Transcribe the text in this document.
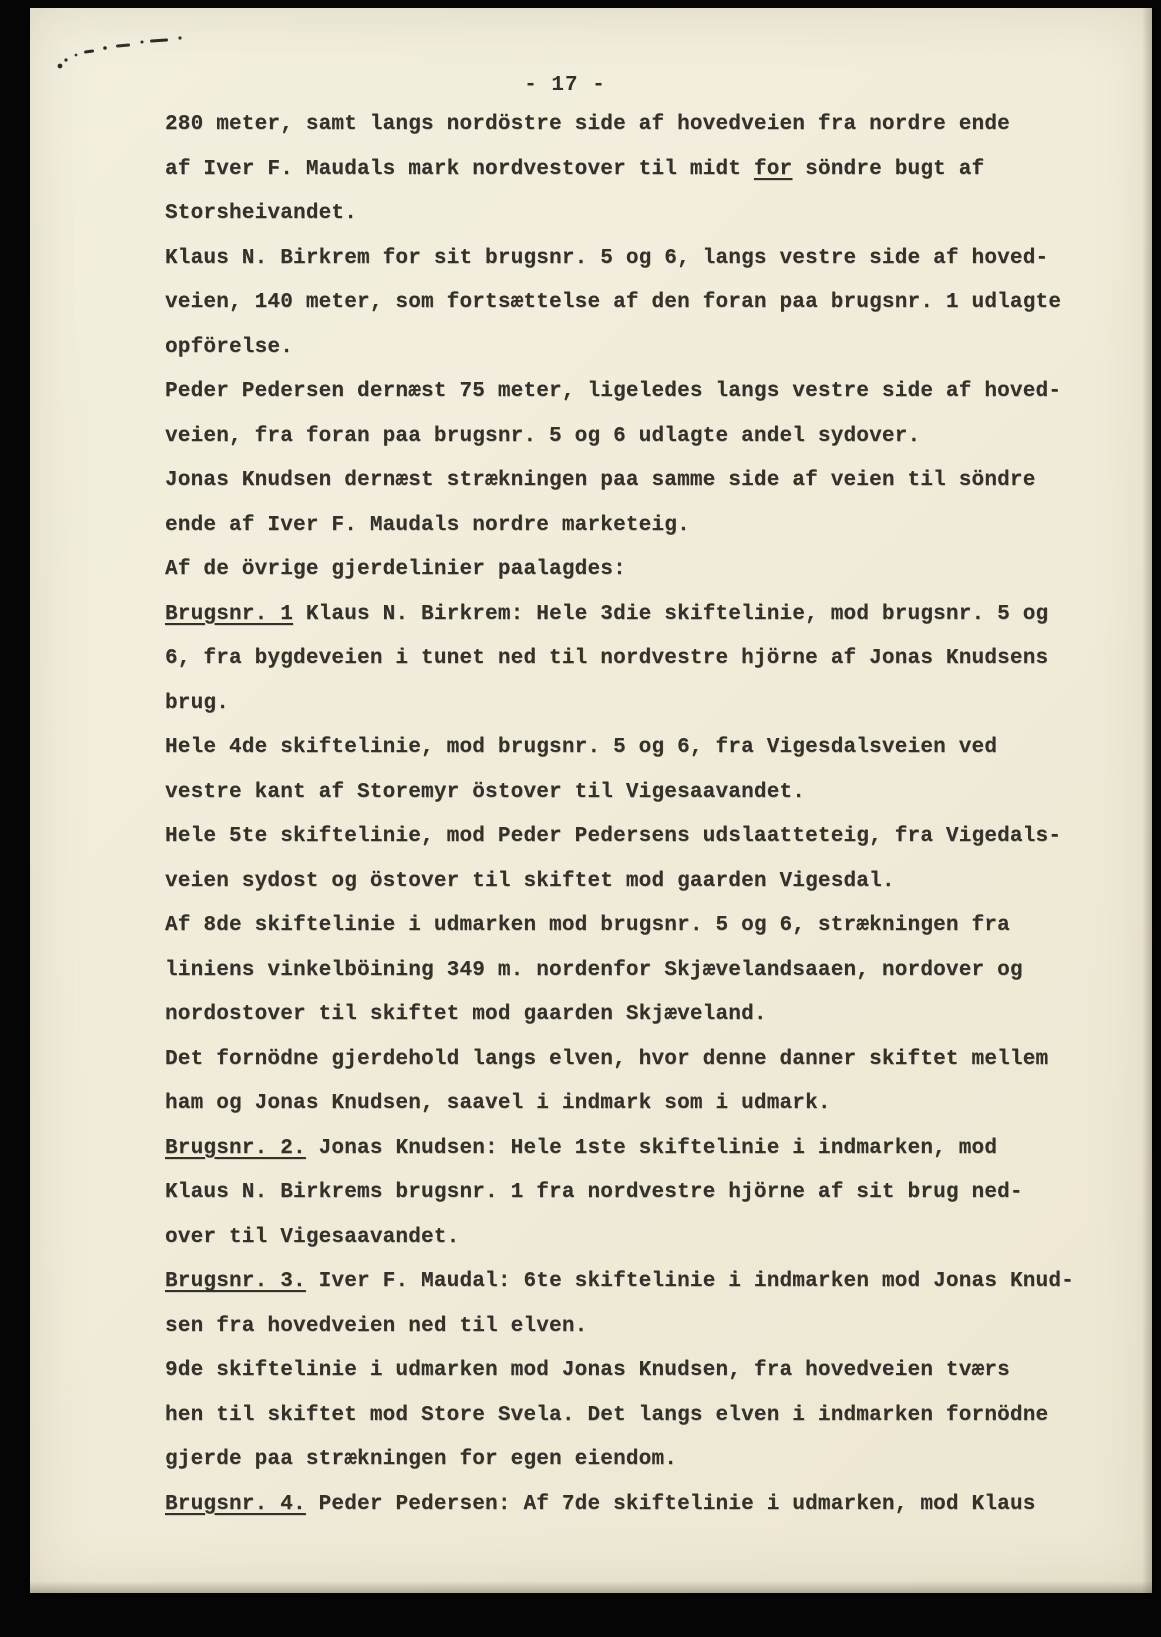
- 17 -
280 meter, samt langs nordöstre side af hovedveien fra nordre ende
af Iver F. Maudals mark nordvestover til midt for söndre bugt af
Storsheivandet.
Klaus N. Birkrem for sit brugsnr. 5 og 6, langs vestre side af hoved-
veien, 140 meter, som fortsættelse af den foran paa brugsnr. 1 udlagte
opförelse.
Peder Pedersen dernæst 75 meter, ligeledes langs vestre side af hoved-
veien, fra foran paa brugsnr. 5 og 6 udlagte andel sydover.
Jonas Knudsen dernæst strækningen paa samme side af veien til söndre
ende af Iver F. Maudals nordre marketeig.
Af de övrige gjerdelinier paalagdes:
Brugsnr. 1 Klaus N. Birkrem: Hele 3die skiftelinie, mod brugsnr. 5 og
6, fra bygdeveien i tunet ned til nordvestre hjörne af Jonas Knudsens
brug.
Hele 4de skiftelinie, mod brugsnr. 5 og 6, fra Vigesdalsveien ved
vestre kant af Storemyr östover til Vigesaavandet.
Hele 5te skiftelinie, mod Peder Pedersens udslaatteteig, fra Vigedals-
veien sydost og östover til skiftet mod gaarden Vigesdal.
Af 8de skiftelinie i udmarken mod brugsnr. 5 og 6, strækningen fra
liniens vinkelböining 349 m. nordenfor Skjævelandsaaen, nordover og
nordostover til skiftet mod gaarden Skjæveland.
Det fornödne gjerdehold langs elven, hvor denne danner skiftet mellem
ham og Jonas Knudsen, saavel i indmark som i udmark.
Brugsnr. 2. Jonas Knudsen: Hele 1ste skiftelinie i indmarken, mod
Klaus N. Birkrems brugsnr. 1 fra nordvestre hjörne af sit brug ned-
over til Vigesaavandet.
Brugsnr. 3. Iver F. Maudal: 6te skiftelinie i indmarken mod Jonas Knud-
sen fra hovedveien ned til elven.
9de skiftelinie i udmarken mod Jonas Knudsen, fra hovedveien tværs
hen til skiftet mod Store Svela. Det langs elven i indmarken fornödne
gjerde paa strækningen for egen eiendom.
Brugsnr. 4. Peder Pedersen: Af 7de skiftelinie i udmarken, mod Klaus
